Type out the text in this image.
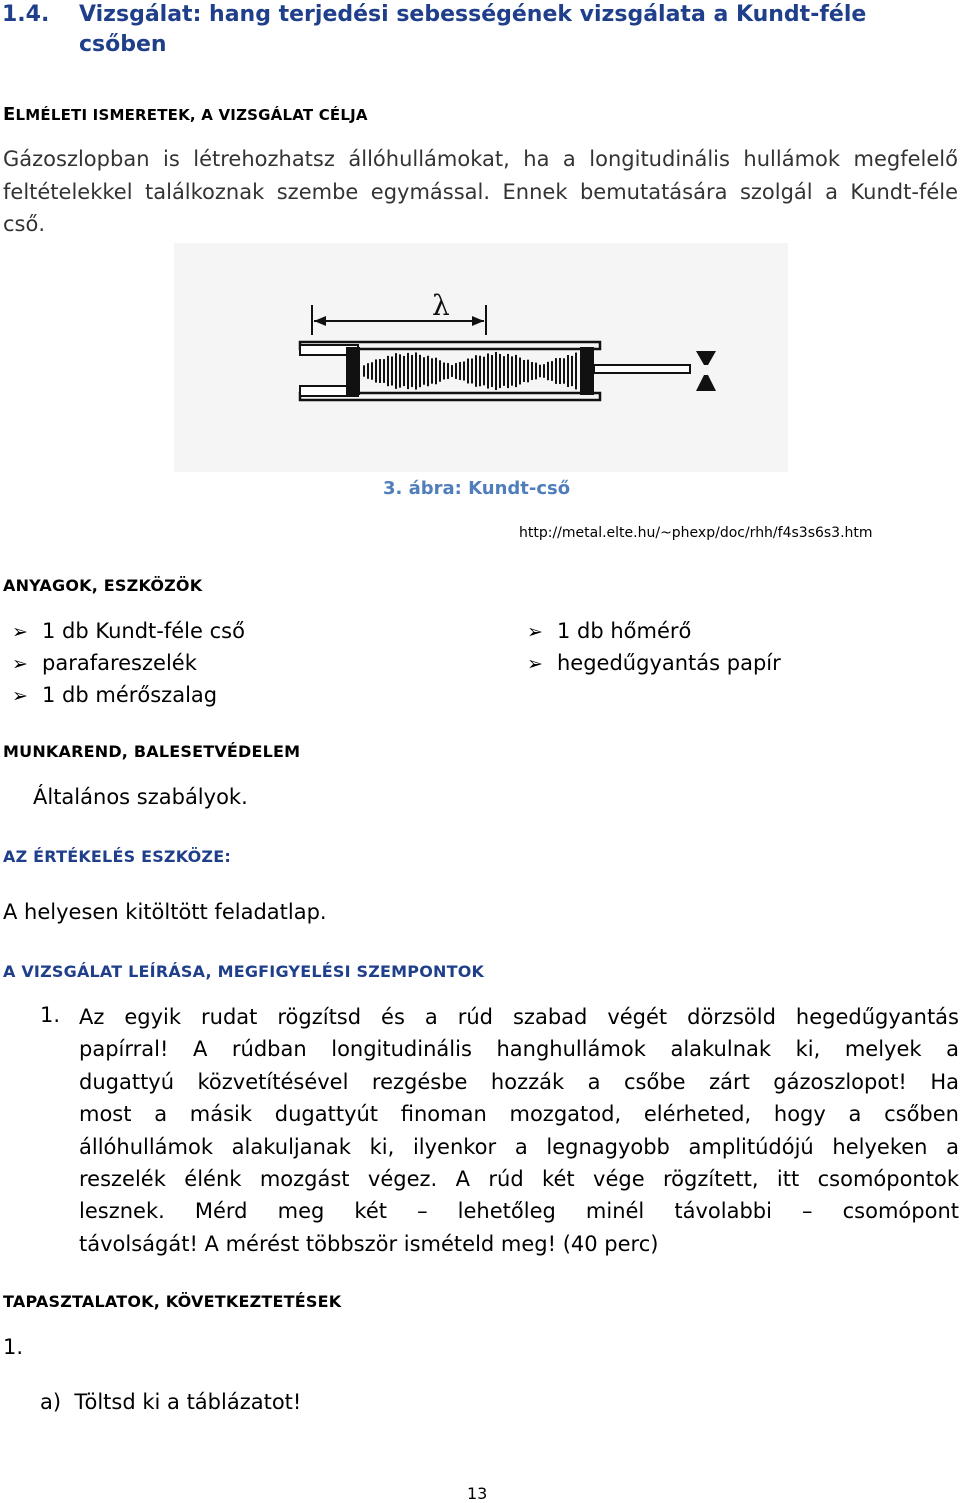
1.4. Vizsgálat: hang terjedési sebességének vizsgálata a Kundt-féle csőben
ELMÉLETI ISMERETEK, A VIZSGÁLAT CÉLJA
Gázoszlopban is létrehozhatsz állóhullámokat, ha a longitudinális hullámok megfelelő feltételekkel találkoznak szembe egymással. Ennek bemutatására szolgál a Kundt-féle cső.
λ
3. ábra: Kundt-cső
http://metal.elte.hu/~phexp/doc/rhh/f4s3s6s3.htm
ANYAGOK, ESZKÖZÖK
➢ 1 db Kundt-féle cső
➢ parafareszelék
➢ 1 db mérőszalag
➢ 1 db hőmérő
➢ hegedűgyantás papír
MUNKAREND, BALESETVÉDELEM
Általános szabályok.
AZ ÉRTÉKELÉS ESZKÖZE:
A helyesen kitöltött feladatlap.
A VIZSGÁLAT LEÍRÁSA, MEGFIGYELÉSI SZEMPONTOK
1. Az egyik rudat rögzítsd és a rúd szabad végét dörzsöld hegedűgyantás
papírral! A rúdban longitudinális hanghullámok alakulnak ki, melyek a
dugattyú közvetítésével rezgésbe hozzák a csőbe zárt gázoszlopot! Ha
most a másik dugattyút finoman mozgatod, elérheted, hogy a csőben
állóhullámok alakuljanak ki, ilyenkor a legnagyobb amplitúdójú helyeken a
reszelék élénk mozgást végez. A rúd két vége rögzített, itt csomópontok
lesznek. Mérd meg két – lehetőleg minél távolabbi – csomópont
távolságát! A mérést többször ismételd meg! (40 perc)
TAPASZTALATOK, KÖVETKEZTETÉSEK
1.
a)  Töltsd ki a táblázatot!
13
